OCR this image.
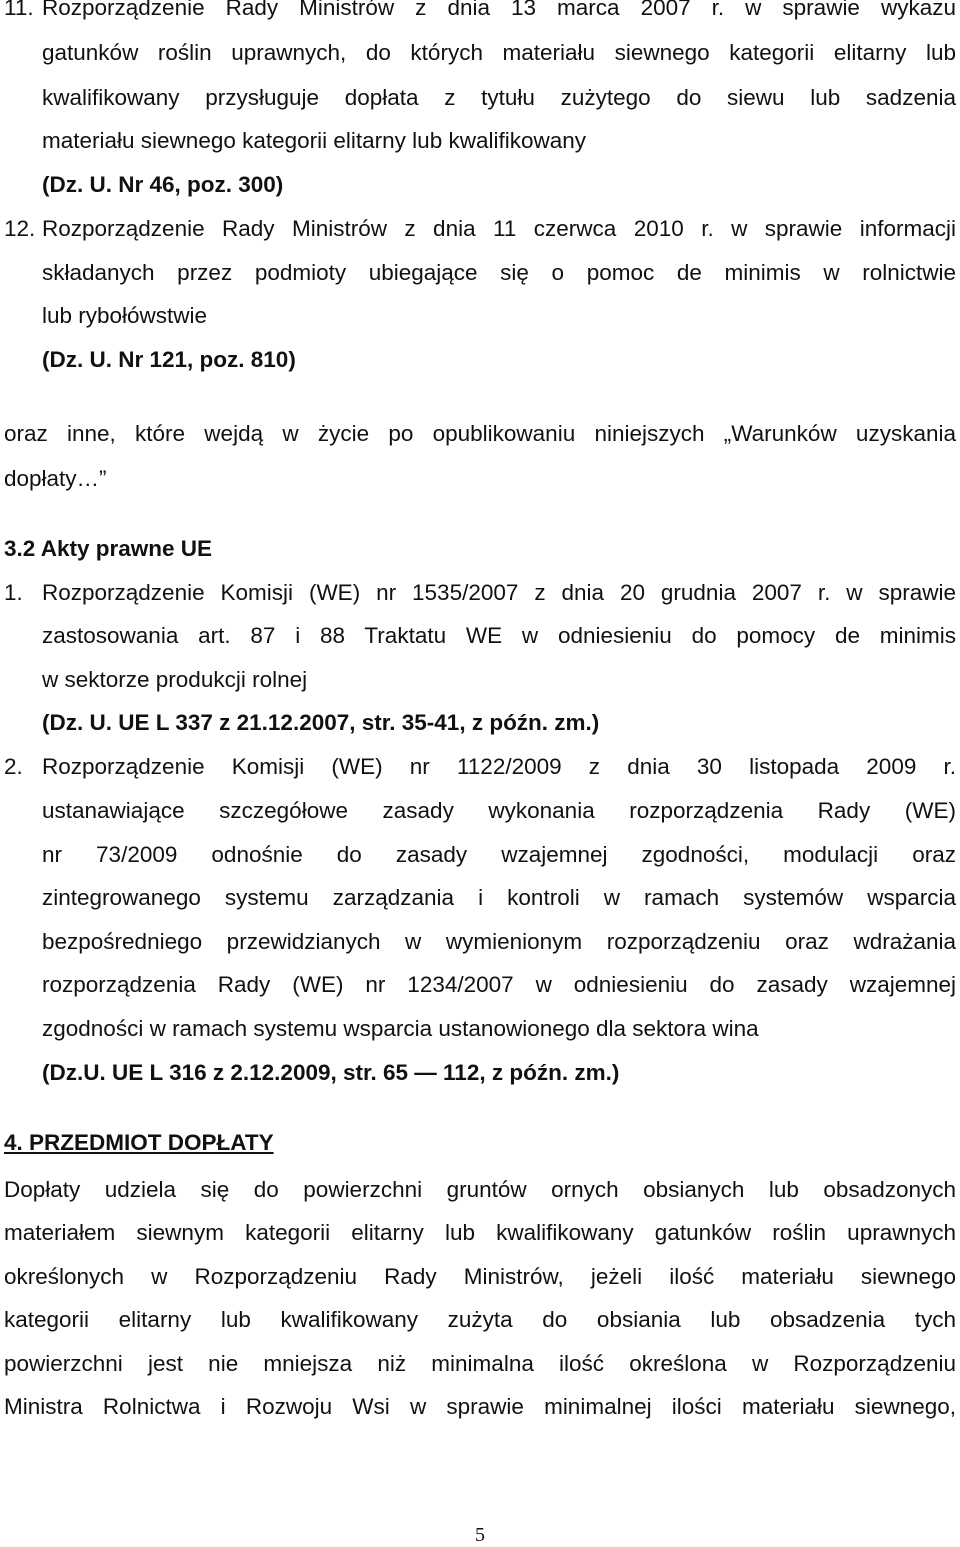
11. Rozporządzenie Rady Ministrów z dnia 13 marca 2007 r. w sprawie wykazu
gatunków roślin uprawnych, do których materiału siewnego kategorii elitarny lub
kwalifikowany przysługuje dopłata z tytułu zużytego do siewu lub sadzenia
materiału siewnego kategorii elitarny lub kwalifikowany
(Dz. U. Nr 46, poz. 300)
12. Rozporządzenie Rady Ministrów z dnia 11 czerwca 2010 r. w sprawie informacji
składanych przez podmioty ubiegające się o pomoc de minimis w rolnictwie
lub rybołówstwie
(Dz. U. Nr 121, poz. 810)
oraz inne, które wejdą w życie po opublikowaniu niniejszych „Warunków uzyskania
dopłaty…”
3.2 Akty prawne UE
1. Rozporządzenie Komisji (WE) nr 1535/2007 z dnia 20 grudnia 2007 r. w sprawie
zastosowania art. 87 i 88 Traktatu WE w odniesieniu do pomocy de minimis
w sektorze produkcji rolnej
(Dz. U. UE L 337 z 21.12.2007, str. 35-41, z późn. zm.)
2. Rozporządzenie Komisji (WE) nr 1122/2009 z dnia 30 listopada 2009 r.
ustanawiające szczegółowe zasady wykonania rozporządzenia Rady (WE)
nr 73/2009 odnośnie do zasady wzajemnej zgodności, modulacji oraz
zintegrowanego systemu zarządzania i kontroli w ramach systemów wsparcia
bezpośredniego przewidzianych w wymienionym rozporządzeniu oraz wdrażania
rozporządzenia Rady (WE) nr 1234/2007 w odniesieniu do zasady wzajemnej
zgodności w ramach systemu wsparcia ustanowionego dla sektora wina
(Dz.U. UE L 316 z 2.12.2009, str. 65 — 112, z późn. zm.)
4. PRZEDMIOT DOPŁATY
Dopłaty udziela się do powierzchni gruntów ornych obsianych lub obsadzonych
materiałem siewnym kategorii elitarny lub kwalifikowany gatunków roślin uprawnych
określonych w Rozporządzeniu Rady Ministrów, jeżeli ilość materiału siewnego
kategorii elitarny lub kwalifikowany zużyta do obsiania lub obsadzenia tych
powierzchni jest nie mniejsza niż minimalna ilość określona w Rozporządzeniu
Ministra Rolnictwa i Rozwoju Wsi w sprawie minimalnej ilości materiału siewnego,
5
